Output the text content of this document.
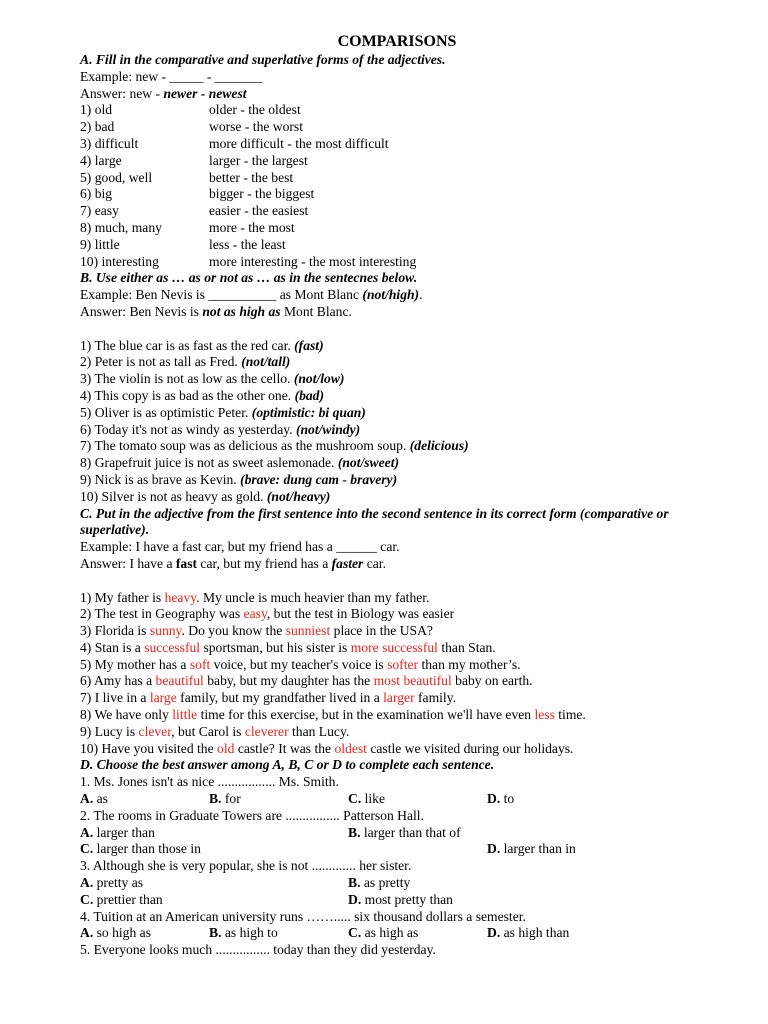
COMPARISONS
A. Fill in the comparative and superlative forms of the adjectives.
Example: new - _____ - _______
Answer: new - newer - newest
1) old	older - the oldest
2) bad	worse - the worst
3) difficult	more difficult - the most difficult
4) large	larger - the largest
5) good, well	better - the best
6) big	bigger - the biggest
7) easy	easier - the easiest
8) much, many	more - the most
9) little	less - the least
10) interesting	more interesting - the most interesting
B. Use either as … as or not as … as in the sentecnes below.
Example: Ben Nevis is __________ as Mont Blanc (not/high).
Answer: Ben Nevis is not as high as Mont Blanc.
1) The blue car is as fast as the red car. (fast)
2) Peter is not as tall as Fred. (not/tall)
3) The violin is not as low as the cello. (not/low)
4) This copy is as bad as the other one. (bad)
5) Oliver is as optimistic Peter. (optimistic: bi quan)
6) Today it's not as windy as yesterday. (not/windy)
7) The tomato soup was as delicious as the mushroom soup. (delicious)
8) Grapefruit juice is not as sweet aslemonade. (not/sweet)
9) Nick is as brave as Kevin. (brave: dung cam - bravery)
10) Silver is not as heavy as gold. (not/heavy)
C. Put in the adjective from the first sentence into the second sentence in its correct form (comparative or superlative).
Example: I have a fast car, but my friend has a ______ car.
Answer: I have a fast car, but my friend has a faster car.
1) My father is heavy. My uncle is much heavier than my father.
2) The test in Geography was easy, but the test in Biology was easier
3) Florida is sunny. Do you know the sunniest place in the USA?
4) Stan is a successful sportsman, but his sister is more successful than Stan.
5) My mother has a soft voice, but my teacher's voice is softer than my mother’s.
6) Amy has a beautiful baby, but my daughter has the most beautiful baby on earth.
7) I live in a large family, but my grandfather lived in a larger family.
8) We have only little time for this exercise, but in the examination we'll have even less time.
9) Lucy is clever, but Carol is cleverer than Lucy.
10) Have you visited the old castle? It was the oldest castle we visited during our holidays.
D. Choose the best answer among A, B, C or D to complete each sentence.
1. Ms. Jones isn't as nice ................. Ms. Smith.
A. as	B. for	C. like	D. to
2. The rooms in Graduate Towers are ................ Patterson Hall.
A. larger than	B. larger than that of
C. larger than those in	D. larger than in
3. Although she is very popular, she is not ............. her sister.
A. pretty as	B. as pretty
C. prettier than	D. most pretty than
4. Tuition at an American university runs ……..... six thousand dollars a semester.
A. so high as	B. as high to	C. as high as	D. as high than
5. Everyone looks much ................ today than they did yesterday.
